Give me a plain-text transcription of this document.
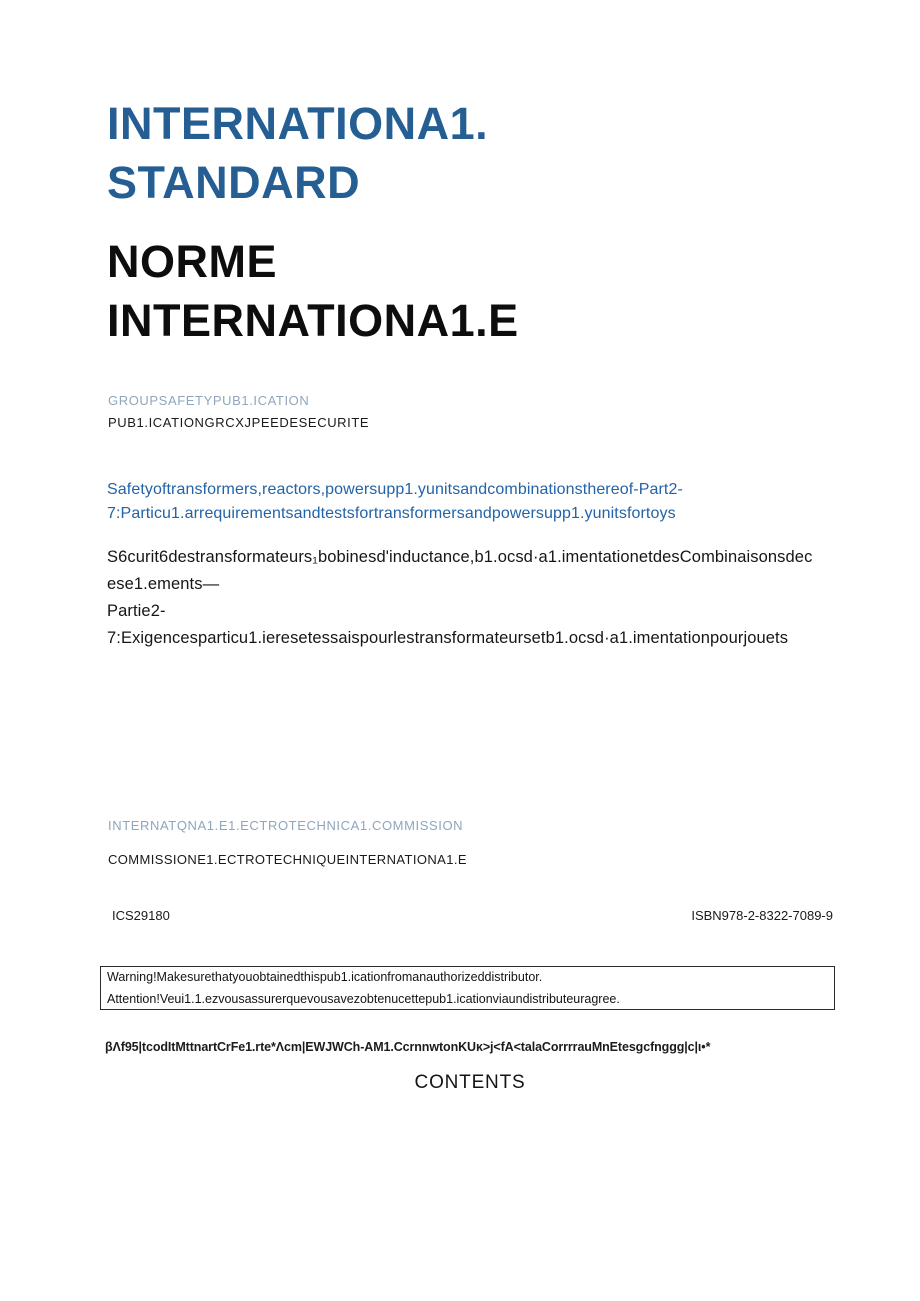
INTERNATIONA1.
STANDARD
NORME
INTERNATIONA1.E
GROUPSAFETYPUB1.ICATION
PUB1.ICATIONGRCXJPEEDESECURITE
Safetyoftransformers,reactors,powersupp1.yunitsandcombinationsthereof-Part2-
7:Particu1.arrequirementsandtestsfortransformersandpowersupp1.yunitsfortoys
S6curit6destransformateurs₁bobinesd'inductance,b1.ocsd·a1.imentationetdesCombinaisonsdec
ese1.ements—
Partie2-
7:Exigencesparticu1.ieresetessaispourlestransformateursetb1.ocsd·a1.imentationpourjouets
INTERNATQNA1.E1.ECTROTECHNICA1.COMMISSION
COMMISSIONE1.ECTROTECHNIQUEINTERNATIONA1.E
ICS29180	ISBN978-2-8322-7089-9
Warning!Makesurethatyouobtainedthispub1.icationfromanauthorizeddistributor.
Attention!Veui1.1.ezvousassurerquevousavezobtenucettepub1.icationviaundistributeuragree.
βΛf95|tcodItMttnartCrFe1.rte*Λcm|EWJWCh-AM1.CcrnnwtonKUκ>j<fA<talaCorrrrauMnEtesgcfnggg|c|ι•*
CONTENTS
